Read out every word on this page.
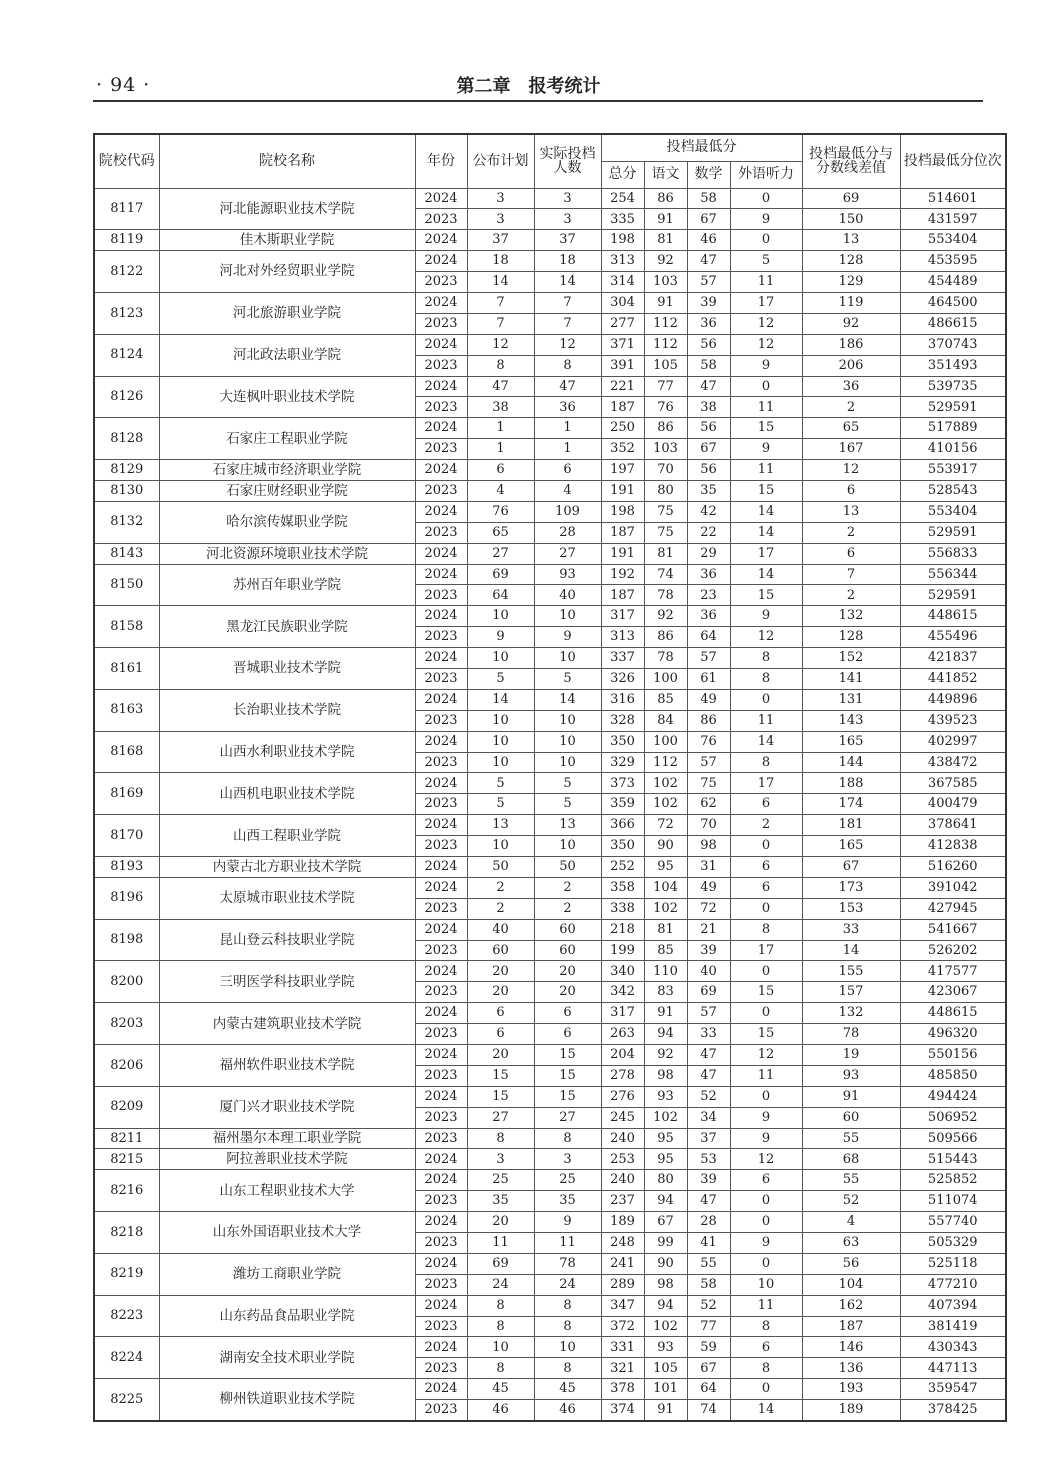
· 94 ·	第二章　报考统计
院校代码	院校名称	年份	公布计划	实际投档人数	投档最低分				投档最低分与分数线差值	投档最低分位次
					总分	语文	数学	外语听力		
8117	河北能源职业技术学院	2024	3	3	254	86	58	0	69	514601
		2023	3	3	335	91	67	9	150	431597
8119	佳木斯职业学院	2024	37	37	198	81	46	0	13	553404
8122	河北对外经贸职业学院	2024	18	18	313	92	47	5	128	453595
		2023	14	14	314	103	57	11	129	454489
8123	河北旅游职业学院	2024	7	7	304	91	39	17	119	464500
		2023	7	7	277	112	36	12	92	486615
8124	河北政法职业学院	2024	12	12	371	112	56	12	186	370743
		2023	8	8	391	105	58	9	206	351493
8126	大连枫叶职业技术学院	2024	47	47	221	77	47	0	36	539735
		2023	38	36	187	76	38	11	2	529591
8128	石家庄工程职业学院	2024	1	1	250	86	56	15	65	517889
		2023	1	1	352	103	67	9	167	410156
8129	石家庄城市经济职业学院	2024	6	6	197	70	56	11	12	553917
8130	石家庄财经职业学院	2023	4	4	191	80	35	15	6	528543
8132	哈尔滨传媒职业学院	2024	76	109	198	75	42	14	13	553404
		2023	65	28	187	75	22	14	2	529591
8143	河北资源环境职业技术学院	2024	27	27	191	81	29	17	6	556833
8150	苏州百年职业学院	2024	69	93	192	74	36	14	7	556344
		2023	64	40	187	78	23	15	2	529591
8158	黑龙江民族职业学院	2024	10	10	317	92	36	9	132	448615
		2023	9	9	313	86	64	12	128	455496
8161	晋城职业技术学院	2024	10	10	337	78	57	8	152	421837
		2023	5	5	326	100	61	8	141	441852
8163	长治职业技术学院	2024	14	14	316	85	49	0	131	449896
		2023	10	10	328	84	86	11	143	439523
8168	山西水利职业技术学院	2024	10	10	350	100	76	14	165	402997
		2023	10	10	329	112	57	8	144	438472
8169	山西机电职业技术学院	2024	5	5	373	102	75	17	188	367585
		2023	5	5	359	102	62	6	174	400479
8170	山西工程职业学院	2024	13	13	366	72	70	2	181	378641
		2023	10	10	350	90	98	0	165	412838
8193	内蒙古北方职业技术学院	2024	50	50	252	95	31	6	67	516260
8196	太原城市职业技术学院	2024	2	2	358	104	49	6	173	391042
		2023	2	2	338	102	72	0	153	427945
8198	昆山登云科技职业学院	2024	40	60	218	81	21	8	33	541667
		2023	60	60	199	85	39	17	14	526202
8200	三明医学科技职业学院	2024	20	20	340	110	40	0	155	417577
		2023	20	20	342	83	69	15	157	423067
8203	内蒙古建筑职业技术学院	2024	6	6	317	91	57	0	132	448615
		2023	6	6	263	94	33	15	78	496320
8206	福州软件职业技术学院	2024	20	15	204	92	47	12	19	550156
		2023	15	15	278	98	47	11	93	485850
8209	厦门兴才职业技术学院	2024	15	15	276	93	52	0	91	494424
		2023	27	27	245	102	34	9	60	506952
8211	福州墨尔本理工职业学院	2023	8	8	240	95	37	9	55	509566
8215	阿拉善职业技术学院	2024	3	3	253	95	53	12	68	515443
8216	山东工程职业技术大学	2024	25	25	240	80	39	6	55	525852
		2023	35	35	237	94	47	0	52	511074
8218	山东外国语职业技术大学	2024	20	9	189	67	28	0	4	557740
		2023	11	11	248	99	41	9	63	505329
8219	潍坊工商职业学院	2024	69	78	241	90	55	0	56	525118
		2023	24	24	289	98	58	10	104	477210
8223	山东药品食品职业学院	2024	8	8	347	94	52	11	162	407394
		2023	8	8	372	102	77	8	187	381419
8224	湖南安全技术职业学院	2024	10	10	331	93	59	6	146	430343
		2023	8	8	321	105	67	8	136	447113
8225	柳州铁道职业技术学院	2024	45	45	378	101	64	0	193	359547
		2023	46	46	374	91	74	14	189	378425
